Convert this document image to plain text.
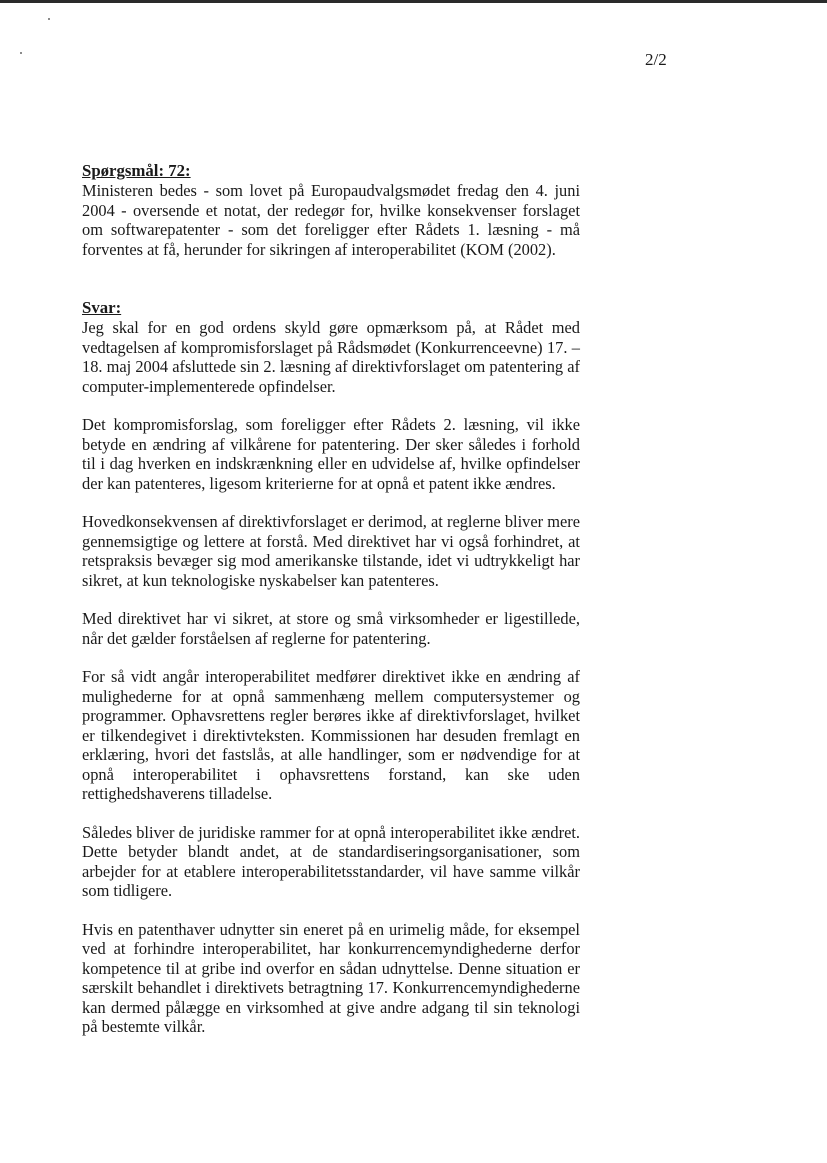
2/2

Spørgsmål: 72:

Ministeren bedes - som lovet på Europaudvalgsmødet fredag den 4. juni 2004 - oversende et notat, der redegør for, hvilke konsekvenser forslaget om softwarepatenter - som det foreligger efter Rådets 1. læsning - må forventes at få, herunder for sikringen af interoperabilitet (KOM (2002).

Svar:

Jeg skal for en god ordens skyld gøre opmærksom på, at Rådet med vedtagelsen af kompromisforslaget på Rådsmødet (Konkurrenceevne) 17. – 18. maj 2004 afsluttede sin 2. læsning af direktivforslaget om patentering af computer-implementerede opfindelser.

Det kompromisforslag, som foreligger efter Rådets 2. læsning, vil ikke betyde en ændring af vilkårene for patentering. Der sker således i forhold til i dag hverken en indskrænkning eller en udvidelse af, hvilke opfindelser der kan patenteres, ligesom kriterierne for at opnå et patent ikke ændres.

Hovedkonsekvensen af direktivforslaget er derimod, at reglerne bliver mere gennemsigtige og lettere at forstå. Med direktivet har vi også forhindret, at retspraksis bevæger sig mod amerikanske tilstande, idet vi udtrykkeligt har sikret, at kun teknologiske nyskabelser kan patenteres.

Med direktivet har vi sikret, at store og små virksomheder er ligestillede, når det gælder forståelsen af reglerne for patentering.

For så vidt angår interoperabilitet medfører direktivet ikke en ændring af mulighederne for at opnå sammenhæng mellem computersystemer og programmer. Ophavsrettens regler berøres ikke af direktivforslaget, hvilket er tilkendegivet i direktivteksten. Kommissionen har desuden fremlagt en erklæring, hvori det fastslås, at alle handlinger, som er nødvendige for at opnå interoperabilitet i ophavsrettens forstand, kan ske uden rettighedshaverens tilladelse.

Således bliver de juridiske rammer for at opnå interoperabilitet ikke ændret. Dette betyder blandt andet, at de standardiseringsorganisationer, som arbejder for at etablere interoperabilitetsstandarder, vil have samme vilkår som tidligere.

Hvis en patenthaver udnytter sin eneret på en urimelig måde, for eksempel ved at forhindre interoperabilitet, har konkurrencemyndighederne derfor kompetence til at gribe ind overfor en sådan udnyttelse. Denne situation er særskilt behandlet i direktivets betragtning 17. Konkurrencemyndighederne kan dermed pålægge en virksomhed at give andre adgang til sin teknologi på bestemte vilkår.
